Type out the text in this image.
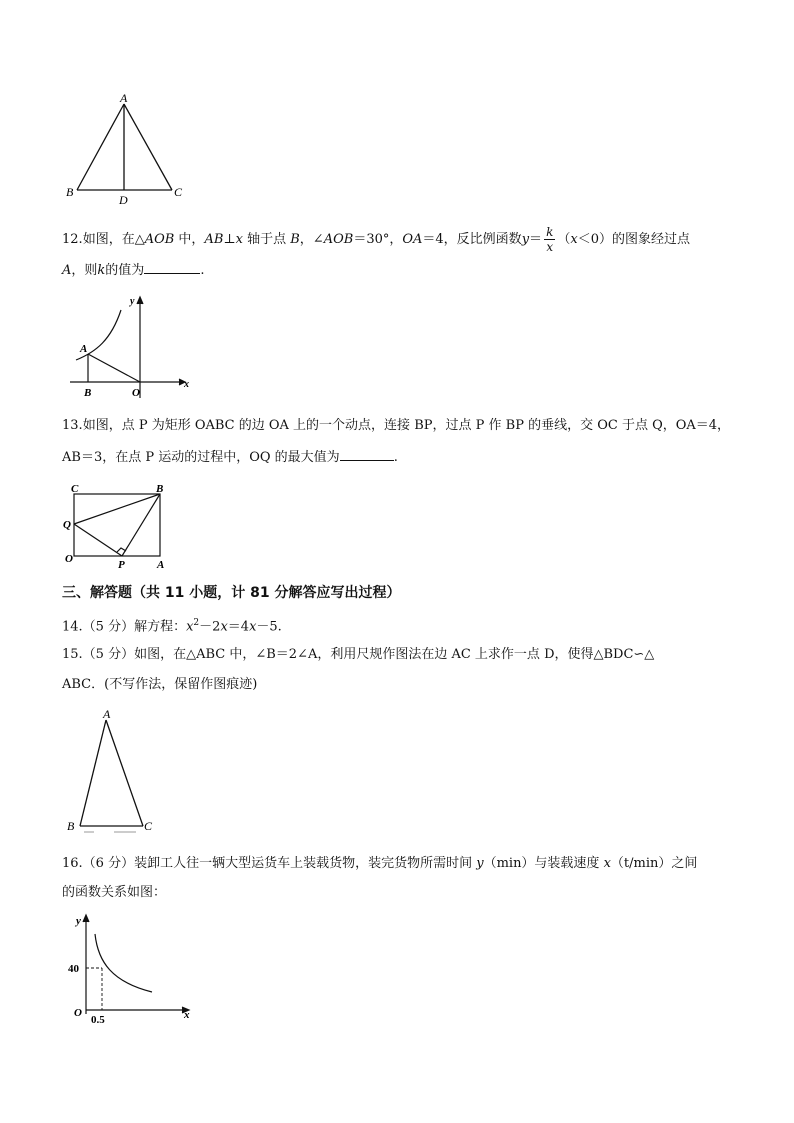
A
B	C
D
12.如图，在△AOB 中，AB⊥x 轴于点 B，∠AOB＝30°，OA＝4，反比例函数$y= \frac{k}{x} (x<0)$的图象经过点
A，则k的值为	.
y
x
A
B	O
13.如图，点 P 为矩形 OABC 的边 OA 上的一个动点，连接 BP，过点 P 作 BP 的垂线，交 OC 于点 Q，OA＝4，
AB＝3，在点 P 运动的过程中，OQ 的最大值为	.
C	B
Q
O	P	A
三、解答题（共 11 小题，计 81 分解答应写出过程）
14.（5 分）解方程：$x^2-2x=4x-5$.
15.（5 分）如图，在△ABC 中，∠B＝2∠A，利用尺规作图法在边 AC 上求作一点 D，使得△BDC∽△
ABC．(不写作法，保留作图痕迹)
A
B	C
16.（6 分）装卸工人往一辆大型运货车上装载货物，装完货物所需时间 y（min）与装载速度 x（t/min）之间
的函数关系如图：
y
x
O
40
0.5
